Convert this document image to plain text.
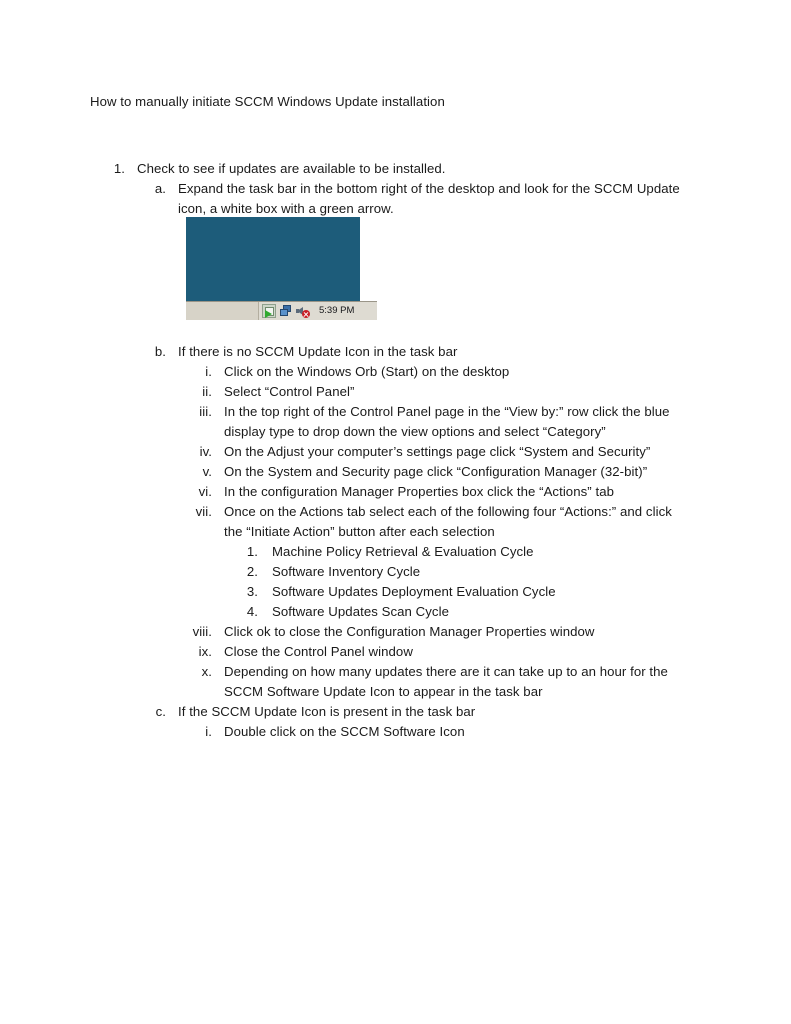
How to manually initiate SCCM Windows Update installation
1. Check to see if updates are available to be installed.
a. Expand the task bar in the bottom right of the desktop and look for the SCCM Update icon, a white box with a green arrow.
5:39 PM
b. If there is no SCCM Update Icon in the task bar
i. Click on the Windows Orb (Start) on the desktop
ii. Select “Control Panel”
iii. In the top right of the Control Panel page in the “View by:” row click the blue display type to drop down the view options and select “Category”
iv. On the Adjust your computer’s settings page click “System and Security”
v. On the System and Security page click “Configuration Manager (32-bit)”
vi. In the configuration Manager Properties box click the “Actions” tab
vii. Once on the Actions tab select each of the following four “Actions:” and click the “Initiate Action” button after each selection
1. Machine Policy Retrieval & Evaluation Cycle
2. Software Inventory Cycle
3. Software Updates Deployment Evaluation Cycle
4. Software Updates Scan Cycle
viii. Click ok to close the Configuration Manager Properties window
ix. Close the Control Panel window
x. Depending on how many updates there are it can take up to an hour for the SCCM Software Update Icon to appear in the task bar
c. If the SCCM Update Icon is present in the task bar
i. Double click on the SCCM Software Icon
